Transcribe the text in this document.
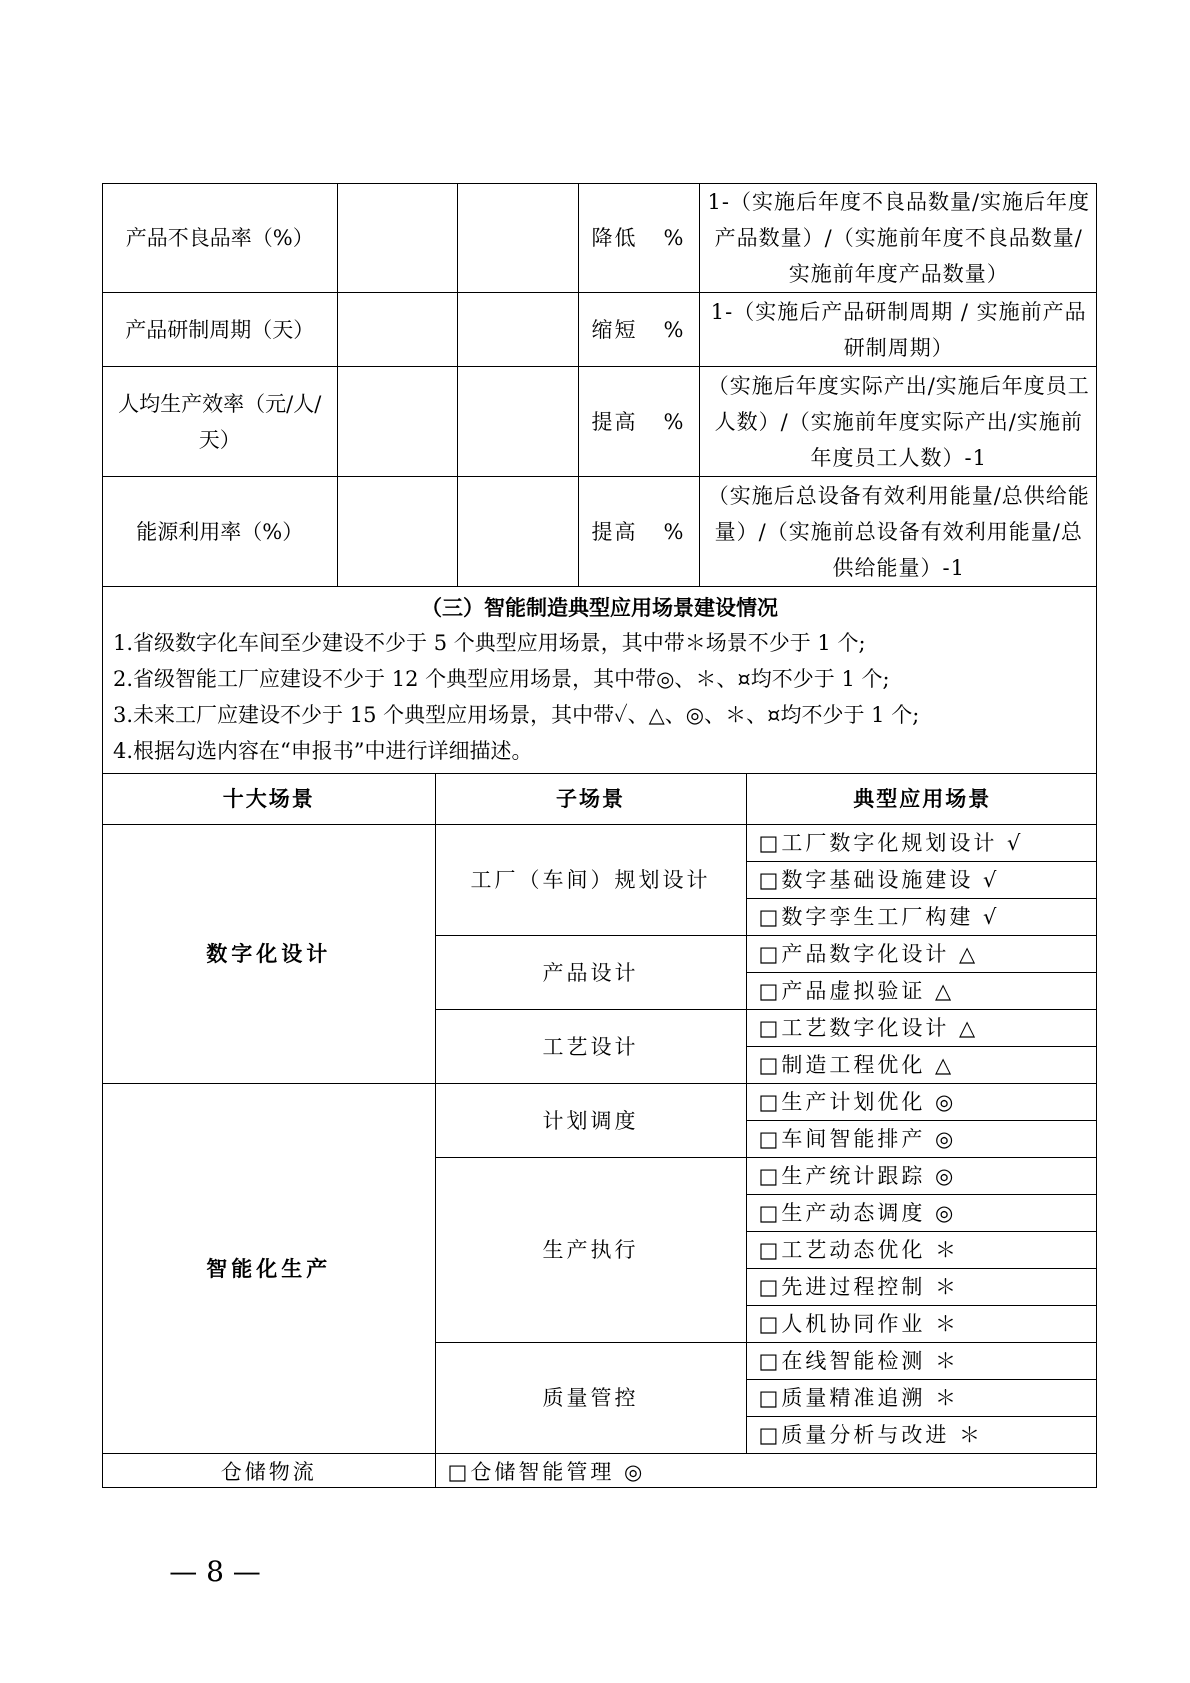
产品不良品率（%）			降低 %	1-（实施后年度不良品数量/实施后年度产品数量）/（实施前年度不良品数量/实施前年度产品数量）
产品研制周期（天）			缩短 %	1-（实施后产品研制周期 / 实施前产品研制周期）
人均生产效率（元/人/天）			提高 %	（实施后年度实际产出/实施后年度员工人数）/（实施前年度实际产出/实施前年度员工人数）-1
能源利用率（%）			提高 %	（实施后总设备有效利用能量/总供给能量）/（实施前总设备有效利用能量/总供给能量）-1
（三）智能制造典型应用场景建设情况
1.省级数字化车间至少建设不少于 5 个典型应用场景，其中带＊场景不少于 1 个;
2.省级智能工厂应建设不少于 12 个典型应用场景，其中带◎、＊、¤均不少于 1 个;
3.未来工厂应建设不少于 15 个典型应用场景，其中带✓、△、◎、＊、¤均不少于 1 个;
4.根据勾选内容在“申报书”中进行详细描述。
十大场景	子场景	典型应用场景
数字化设计	工厂（车间）规划设计	□工厂数字化规划设计 √
		□数字基础设施建设 √
		□数字孪生工厂构建 √
	产品设计	□产品数字化设计 △
		□产品虚拟验证 △
	工艺设计	□工艺数字化设计 △
		□制造工程优化 △
智能化生产	计划调度	□生产计划优化 ◎
		□车间智能排产 ◎
	生产执行	□生产统计跟踪 ◎
		□生产动态调度 ◎
		□工艺动态优化 ＊
		□先进过程控制 ＊
		□人机协同作业 ＊
	质量管控	□在线智能检测 ＊
		□质量精准追溯 ＊
		□质量分析与改进 ＊
仓储物流	□仓储智能管理 ◎	
— 8 —
